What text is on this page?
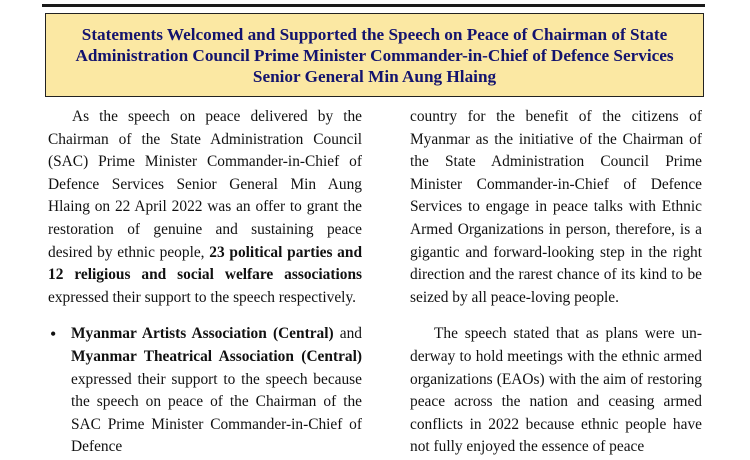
Statements Welcomed and Supported the Speech on Peace of Chairman of State Administration Council Prime Minister Commander-in-Chief of Defence Services Senior General Min Aung Hlaing

As the speech on peace delivered by the Chairman of the State Administration Council (SAC) Prime Minister Commander-in-Chief of Defence Services Senior General Min Aung Hlaing on 22 April 2022 was an offer to grant the restoration of genuine and sustaining peace desired by ethnic people, 23 political parties and 12 religious and social welfare associations expressed their support to the speech respectively.

• Myanmar Artists Association (Central) and Myanmar Theatrical Association (Central) expressed their support to the speech because the speech on peace of the Chairman of the SAC Prime Minister Commander-in-Chief of Defence

country for the benefit of the citizens of Myanmar as the initiative of the Chairman of the State Administration Council Prime Minister Commander-in-Chief of Defence Services to engage in peace talks with Ethnic Armed Organizations in person, therefore, is a gigantic and forward-looking step in the right direction and the rarest chance of its kind to be seized by all peace-loving people.

The speech stated that as plans were underway to hold meetings with the ethnic armed organizations (EAOs) with the aim of restoring peace across the nation and ceasing armed conflicts in 2022 because ethnic people have not fully enjoyed the essence of peace
